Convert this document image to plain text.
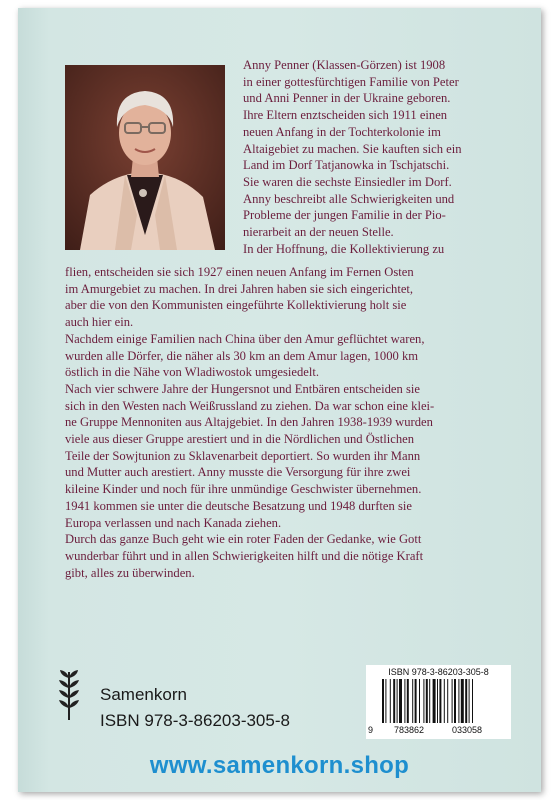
Anny Penner (Klassen-Görzen) ist 1908

in einer gottesfürchtigen Familie von Peter

und Anni Penner in der Ukraine geboren.

Ihre Eltern enztscheiden sich 1911 einen

neuen Anfang in der Tochterkolonie im

Altaigebiet zu machen. Sie kauften sich ein

Land im Dorf Tatjanowka in Tschjatschi.

Sie waren die sechste Einsiedler im Dorf.

Anny beschreibt alle Schwierigkeiten und

Probleme der jungen Familie in der Pio-

nierarbeit an der neuen Stelle.

In der Hoffnung, die Kollektivierung zu

flien, entscheiden sie sich 1927 einen neuen Anfang im Fernen Osten

im Amurgebiet zu machen. In drei Jahren haben sie sich eingerichtet,

aber die von den Kommunisten eingeführte Kollektivierung holt sie

auch hier ein.

Nachdem einige Familien nach China über den Amur geflüchtet waren,

wurden alle Dörfer, die näher als 30 km an dem Amur lagen, 1000 km

östlich in die Nähe von Wladiwostok umgesiedelt.

Nach vier schwere Jahre der Hungersnot und Entbären entscheiden sie

sich in den Westen nach Weißrussland zu ziehen. Da war schon eine klei-

ne Gruppe Mennoniten aus Altajgebiet. In den Jahren 1938-1939 wurden

viele aus dieser Gruppe arestiert und in die Nördlichen und Östlichen

Teile der Sowjtunion zu Sklavenarbeit deportiert. So wurden ihr Mann

und Mutter auch arestiert. Anny musste die Versorgung für ihre zwei

kileine Kinder und noch für ihre unmündige Geschwister übernehmen.

1941 kommen sie unter die deutsche Besatzung und 1948 durften sie

Europa verlassen und nach Kanada ziehen.

Durch das ganze Buch geht wie ein roter Faden der Gedanke, wie Gott

wunderbar führt und in allen Schwierigkeiten hilft und die nötige Kraft

gibt, alles zu überwinden.

Samenkorn
ISBN 978-3-86203-305-8
ISBN 978-3-86203-305-8
9 783862	033058
www.samenkorn.shop
